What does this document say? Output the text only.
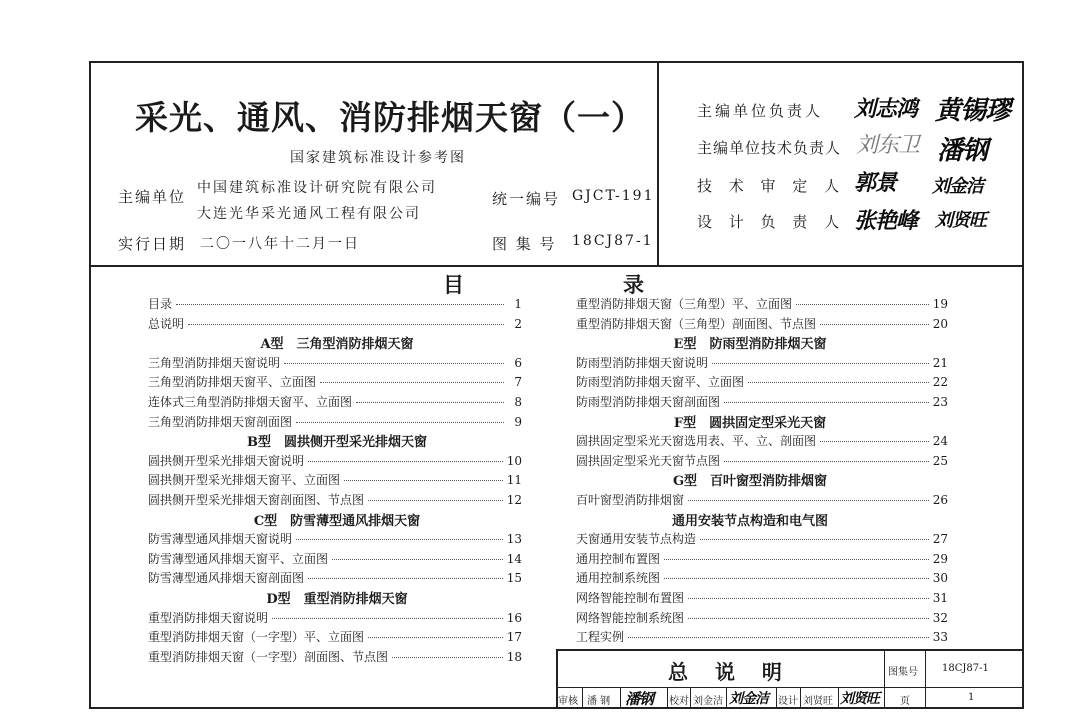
采光、通风、消防排烟天窗（一）
国家建筑标准设计参考图
主编单位 中国建筑标准设计研究院有限公司
大连光华采光通风工程有限公司
统一编号 GJCT-191
实行日期 二〇一八年十二月一日	图 集 号 18CJ87-1
主编单位负责人 刘志鸿 黄锡璆
主编单位技术负责人 刘东卫 潘钢
技 术 审 定 人 郭景 刘金洁
设 计 负 责 人 张艳峰 刘贤旺
目	录
目录	1
总说明	2
A型　三角型消防排烟天窗
三角型消防排烟天窗说明	6
三角型消防排烟天窗平、立面图	7
连体式三角型消防排烟天窗平、立面图	8
三角型消防排烟天窗剖面图	9
B型　圆拱侧开型采光排烟天窗
圆拱侧开型采光排烟天窗说明	10
圆拱侧开型采光排烟天窗平、立面图	11
圆拱侧开型采光排烟天窗剖面图、节点图	12
C型　防雪薄型通风排烟天窗
防雪薄型通风排烟天窗说明	13
防雪薄型通风排烟天窗平、立面图	14
防雪薄型通风排烟天窗剖面图	15
D型　重型消防排烟天窗
重型消防排烟天窗说明	16
重型消防排烟天窗（一字型）平、立面图	17
重型消防排烟天窗（一字型）剖面图、节点图	18
重型消防排烟天窗（三角型）平、立面图	19
重型消防排烟天窗（三角型）剖面图、节点图	20
E型　防雨型消防排烟天窗
防雨型消防排烟天窗说明	21
防雨型消防排烟天窗平、立面图	22
防雨型消防排烟天窗剖面图	23
F型　圆拱固定型采光天窗
圆拱固定型采光天窗选用表、平、立、剖面图	24
圆拱固定型采光天窗节点图	25
G型　百叶窗型消防排烟窗
百叶窗型消防排烟窗	26
通用安装节点构造和电气图
天窗通用安装节点构造	27
通用控制布置图	29
通用控制系统图	30
网络智能控制布置图	31
网络智能控制系统图	32
工程实例	33
总 说 明	图集号 18CJ87-1
审核 潘 钢 潘钢 校对 刘金洁 刘金洁 设计 刘贤旺 刘贤旺 页	1
